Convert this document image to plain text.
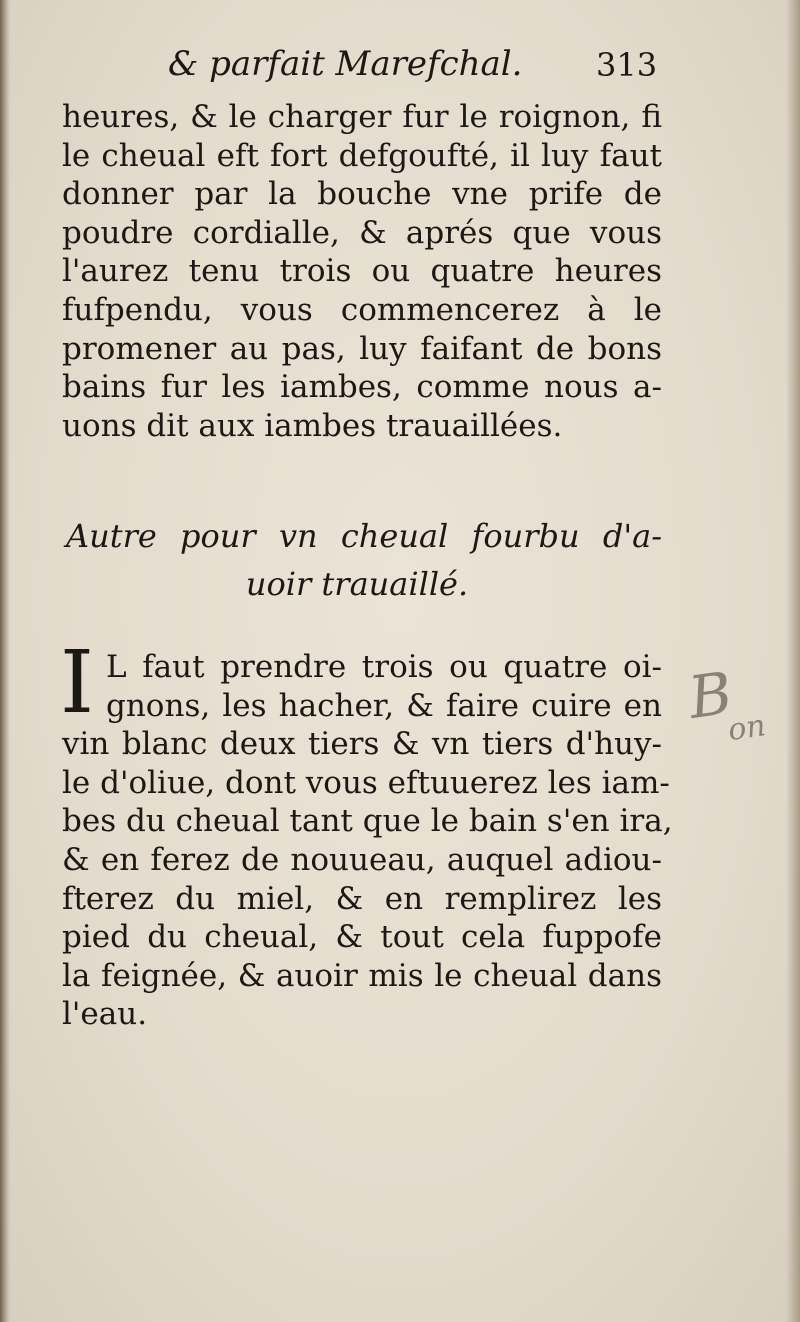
& parfait Marefchal. 313
heures, & le charger fur le roignon, fi
le cheual eft fort defgoufté, il luy faut
donner par la bouche vne prife de
poudre cordialle, & aprés que vous
l'aurez tenu trois ou quatre heures
fufpendu, vous commencerez à le
promener au pas, luy faifant de bons
bains fur les iambes, comme nous a-
uons dit aux iambes trauaillées.
Autre pour vn cheual fourbu d'a-
uoir trauaillé.
I L faut prendre trois ou quatre oi-
gnons, les hacher, & faire cuire en
vin blanc deux tiers & vn tiers d'huy-
le d'oliue, dont vous eftuuerez les iam-
bes du cheual tant que le bain s'en ira,
& en ferez de nouueau, auquel adiou-
fterez du miel, & en remplirez les
pied du cheual, & tout cela fuppofe
la feignée, & auoir mis le cheual dans
l'eau.
B
on
